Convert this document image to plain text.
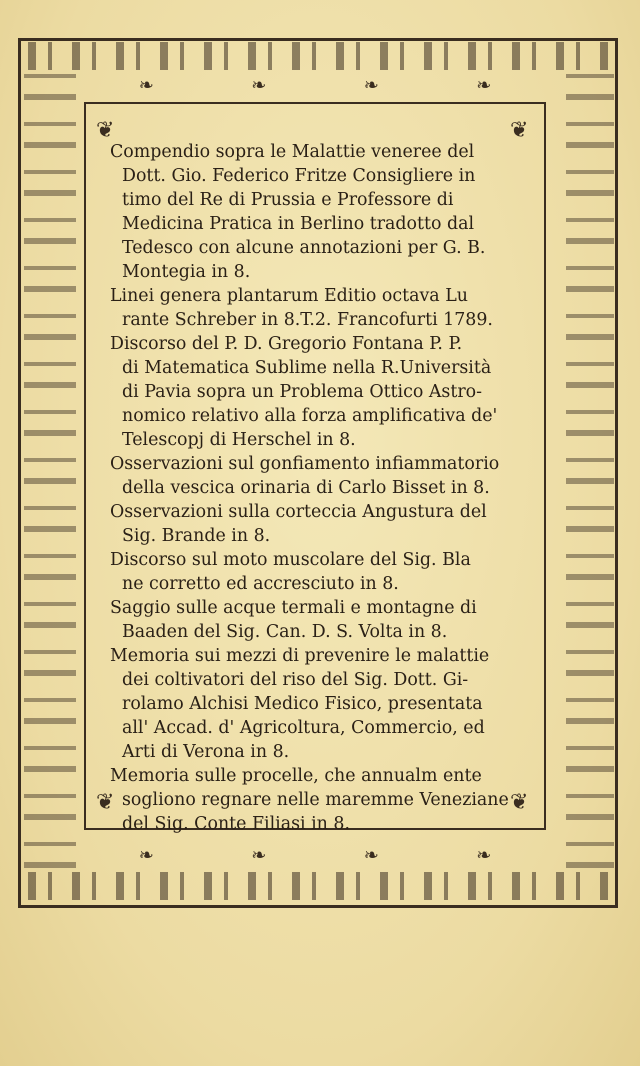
❧	❧	❧	❧
❧	❧	❧	❧
❦	❦
❦	❦

Compendio sopra le Malattie veneree del
Dott. Gio. Federico Fritze Consigliere in
timo del Re di Prussia e Professore di
Medicina Pratica in Berlino tradotto dal
Tedesco con alcune annotazioni per G. B.
Montegia in 8.

Linei genera plantarum Editio octava Lu
rante Schreber in 8.T.2. Francofurti 1789.

Discorso del P. D. Gregorio Fontana P. P.
di Matematica Sublime nella R.Università
di Pavia sopra un Problema Ottico Astro-
nomico relativo alla forza amplificativa de'
Telescopj di Herschel in 8.

Osservazioni sul gonfiamento infiammatorio
della vescica orinaria di Carlo Bisset in 8.

Osservazioni sulla corteccia Angustura del
Sig. Brande in 8.

Discorso sul moto muscolare del Sig. Bla
ne corretto ed accresciuto in 8.

Saggio sulle acque termali e montagne di
Baaden del Sig. Can. D. S. Volta in 8.

Memoria sui mezzi di prevenire le malattie
dei coltivatori del riso del Sig. Dott. Gi-
rolamo Alchisi Medico Fisico, presentata
all' Accad. d' Agricoltura, Commercio, ed
Arti di Verona in 8.

Memoria sulle procelle, che annualm ente
sogliono regnare nelle maremme Veneziane
del Sig. Conte Filiasi in 8.
